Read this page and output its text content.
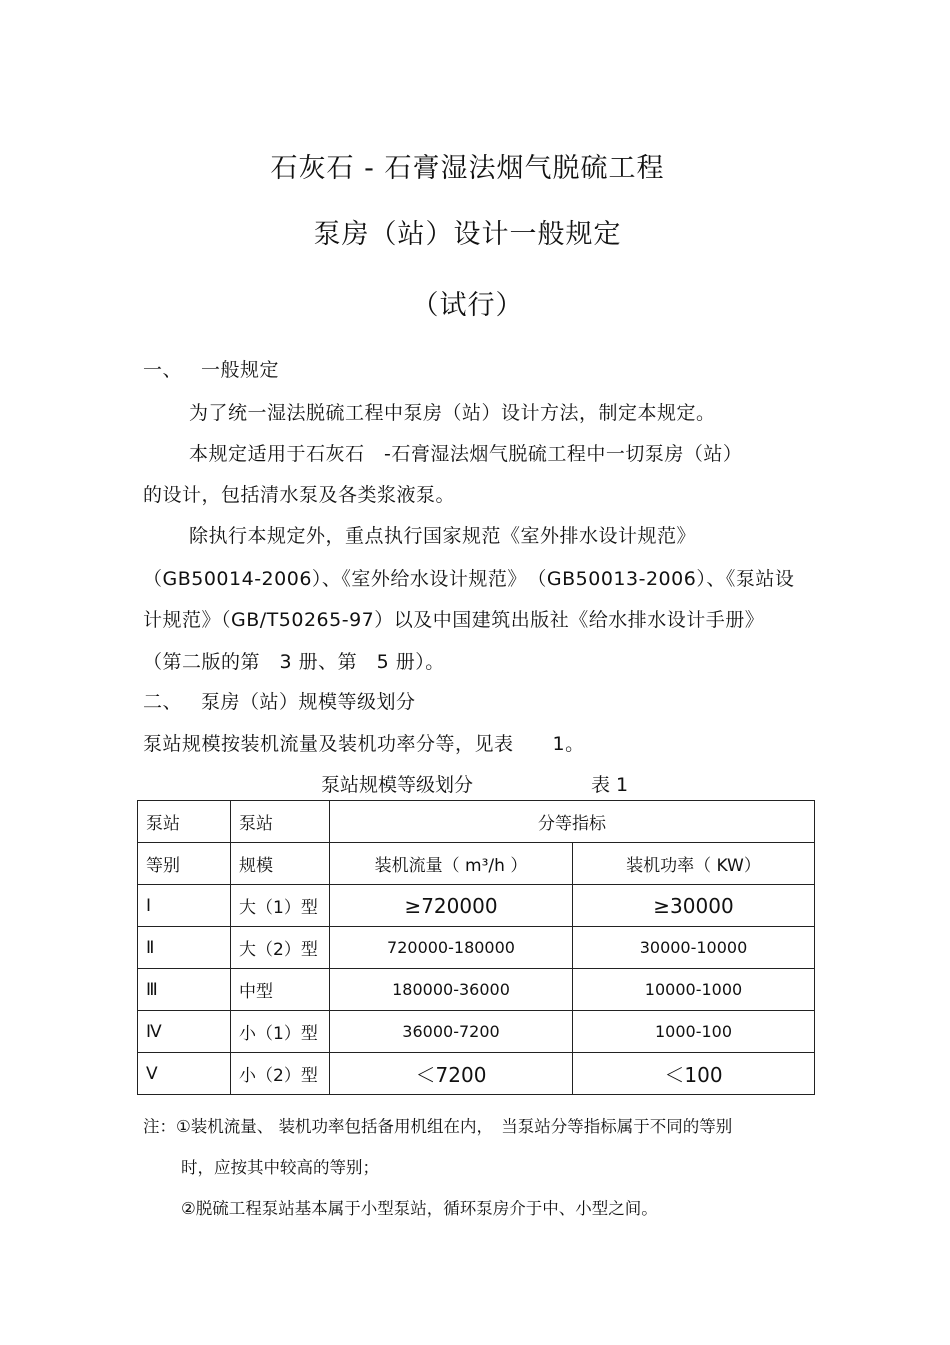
石灰石 - 石膏湿法烟气脱硫工程
泵房（站）设计一般规定
（试行）
一、 一般规定
为了统一湿法脱硫工程中泵房（站）设计方法，制定本规定。
本规定适用于石灰石　-石膏湿法烟气脱硫工程中一切泵房（站）
的设计，包括清水泵及各类浆液泵。
除执行本规定外，重点执行国家规范《室外排水设计规范》
（GB50014-2006）、《室外给水设计规范》　（GB50013-2006）、《泵站设
计规范》（GB/T50265-97）以及中国建筑出版社《给水排水设计手册》
（第二版的第　3 册、第　5 册）。
二、 泵房（站）规模等级划分
泵站规模按装机流量及装机功率分等，见表　　1。
泵站规模等级划分	表 1
泵站	泵站	分等指标	
等别	规模	装机流量（ m³/h ）	装机功率（ KW）
Ⅰ	大（1）型	≥720000	≥30000
Ⅱ	大（2）型	720000-180000	30000-10000
Ⅲ	中型	180000-36000	10000-1000
Ⅳ	小（1）型	36000-7200	1000-100
Ⅴ	小（2）型	＜7200	＜100
注：①装机流量、 装机功率包括备用机组在内，　当泵站分等指标属于不同的等别
时，应按其中较高的等别；
②脱硫工程泵站基本属于小型泵站，循环泵房介于中、小型之间。
